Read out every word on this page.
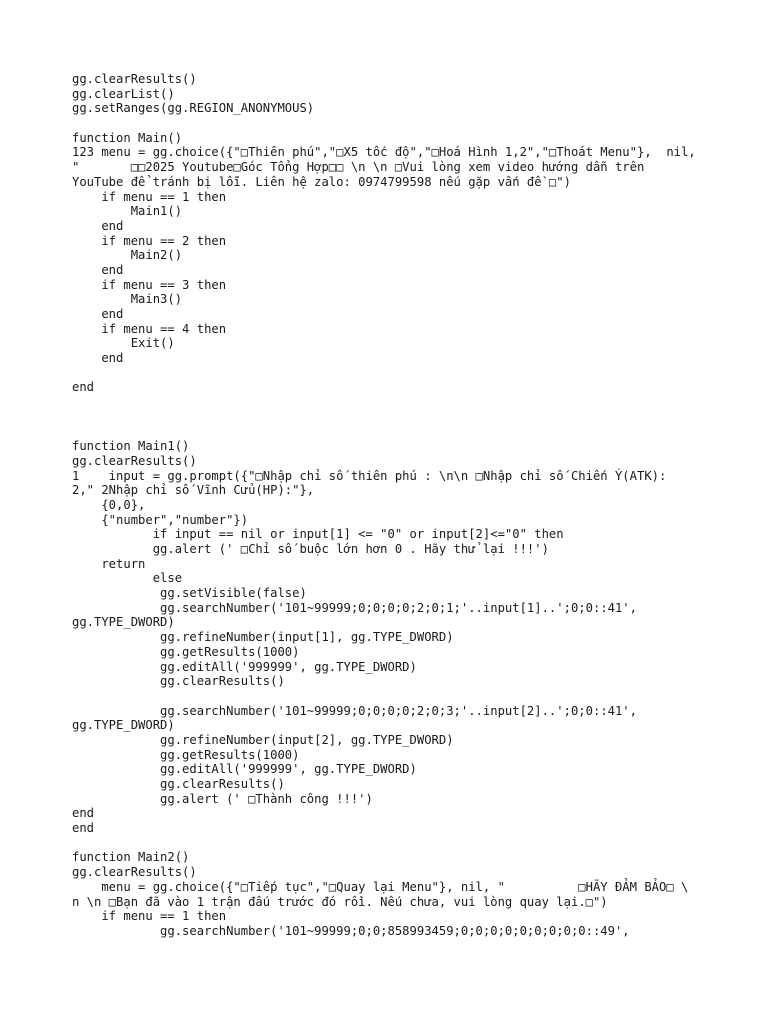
gg.clearResults()
gg.clearList()
gg.setRanges(gg.REGION_ANONYMOUS)
function Main()
123 menu = gg.choice({"□Thiên phú","□X5 tốc độ","□Hoá Hình 1,2","□Thoát Menu"},  nil,
"       □□2025 Youtube□Góc Tổng Hợp□□ \n \n □Vui lòng xem video hướng dẫn trên
YouTube để tránh bị lỗi. Liên hệ zalo: 0974799598 nếu gặp vấn đề □")
if menu == 1 then
Main1()
end
if menu == 2 then
Main2()
end
if menu == 3 then
Main3()
end
if menu == 4 then
Exit()
end
end
function Main1()
gg.clearResults()
1    input = gg.prompt({"□Nhập chỉ số thiên phú : \n\n □Nhập chỉ số Chiến Ý(ATK):
2," 2Nhập chỉ số Vĩnh Cửu(HP):"},
{0,0},
{"number","number"})
if input == nil or input[1] <= "0" or input[2]<="0" then
gg.alert (' □Chỉ số buộc lớn hơn 0 . Hãy thử lại !!!')
return
else
gg.setVisible(false)
gg.searchNumber('101~99999;0;0;0;0;2;0;1;'..input[1]..';0;0::41',
gg.TYPE_DWORD)
gg.refineNumber(input[1], gg.TYPE_DWORD)
gg.getResults(1000)
gg.editAll('999999', gg.TYPE_DWORD)
gg.clearResults()
gg.searchNumber('101~99999;0;0;0;0;2;0;3;'..input[2]..';0;0::41',
gg.TYPE_DWORD)
gg.refineNumber(input[2], gg.TYPE_DWORD)
gg.getResults(1000)
gg.editAll('999999', gg.TYPE_DWORD)
gg.clearResults()
gg.alert (' □Thành công !!!')
end
end
function Main2()
gg.clearResults()
menu = gg.choice({"□Tiếp tục","□Quay lại Menu"}, nil, "          □HÃY ĐẢM BẢO□ \
n \n □Bạn đã vào 1 trận đấu trước đó rồi. Nếu chưa, vui lòng quay lại.□")
if menu == 1 then
gg.searchNumber('101~99999;0;0;858993459;0;0;0;0;0;0;0;0;0::49',
